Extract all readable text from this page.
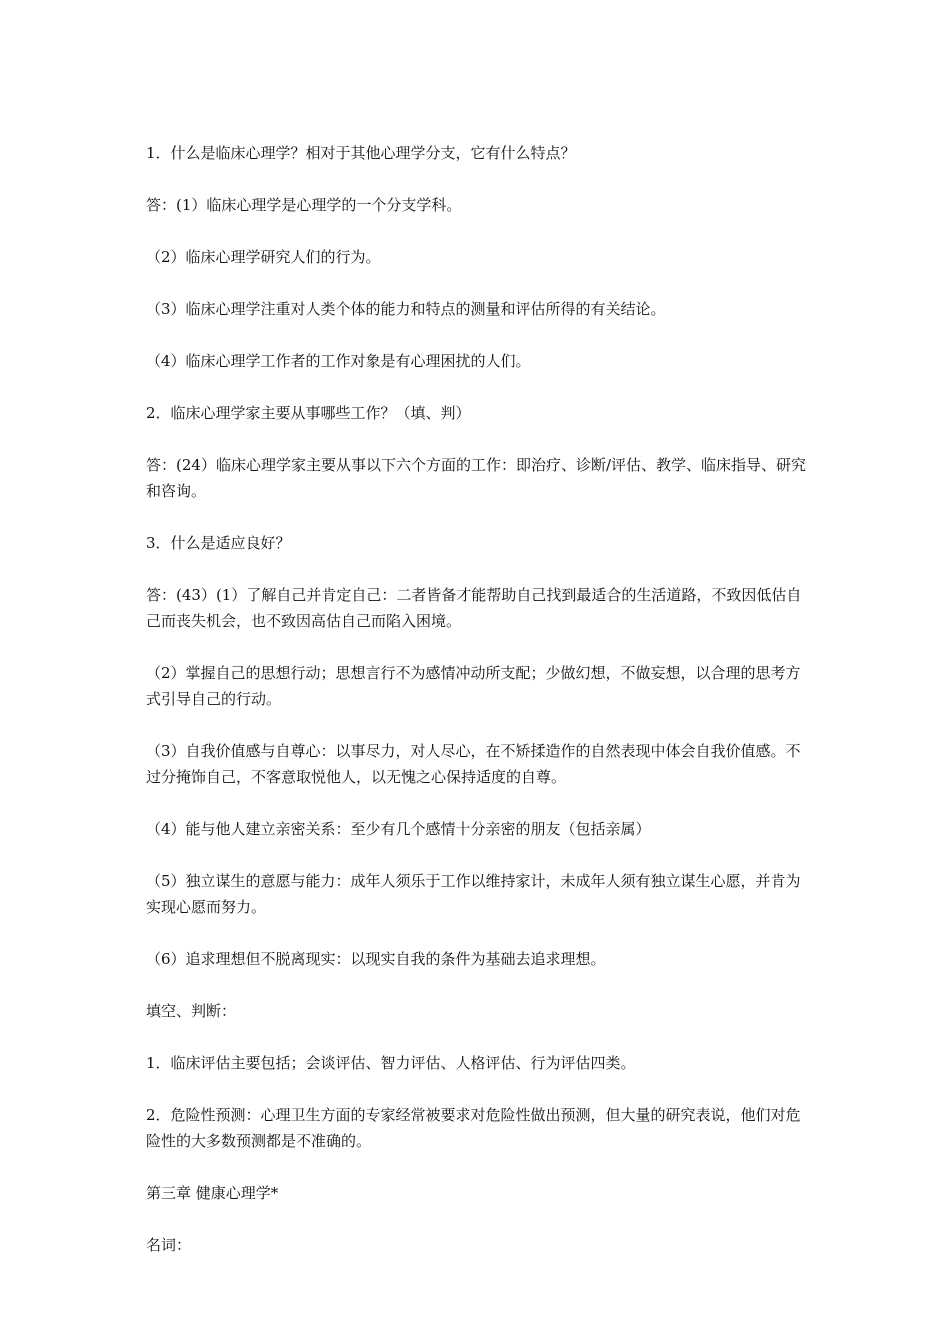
1．什么是临床心理学？相对于其他心理学分支，它有什么特点？

答：(1）临床心理学是心理学的一个分支学科。

（2）临床心理学研究人们的行为。

（3）临床心理学注重对人类个体的能力和特点的测量和评估所得的有关结论。

（4）临床心理学工作者的工作对象是有心理困扰的人们。

2．临床心理学家主要从事哪些工作？（填、判）

答：(24）临床心理学家主要从事以下六个方面的工作：即治疗、诊断/评估、教学、临床指导、研究和咨询。

3．什么是适应良好？

答：(43）(1）了解自己并肯定自己：二者皆备才能帮助自己找到最适合的生活道路，不致因低估自己而丧失机会，也不致因高估自己而陷入困境。

（2）掌握自己的思想行动；思想言行不为感情冲动所支配；少做幻想，不做妄想，以合理的思考方式引导自己的行动。

（3）自我价值感与自尊心：以事尽力，对人尽心，在不矫揉造作的自然表现中体会自我价值感。不过分掩饰自己，不客意取悦他人，以无愧之心保持适度的自尊。

（4）能与他人建立亲密关系：至少有几个感情十分亲密的朋友（包括亲属）

（5）独立谋生的意愿与能力：成年人须乐于工作以维持家计，未成年人须有独立谋生心愿，并肯为实现心愿而努力。

（6）追求理想但不脱离现实：以现实自我的条件为基础去追求理想。

填空、判断：

1．临床评估主要包括；会谈评估、智力评估、人格评估、行为评估四类。

2．危险性预测：心理卫生方面的专家经常被要求对危险性做出预测，但大量的研究表说，他们对危险性的大多数预测都是不准确的。

第三章 健康心理学*

名词：
